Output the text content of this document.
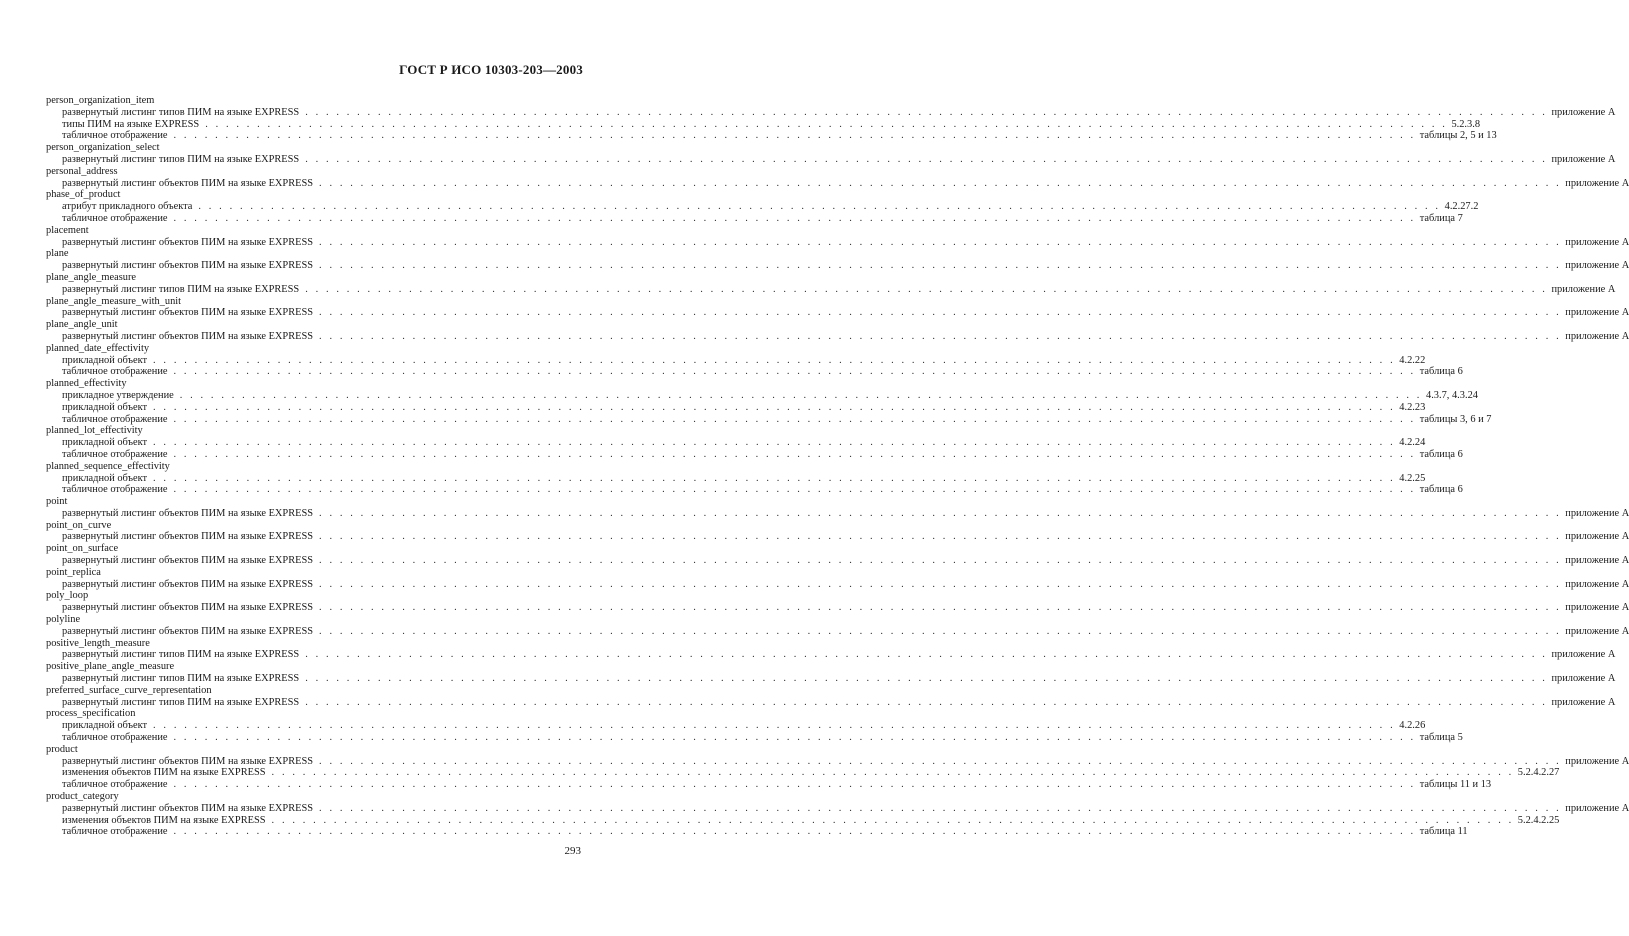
ГОСТ Р ИСО 10303-203—2003
person_organization_item
развернутый листинг типов ПИМ на языке EXPRESS . . . . . . . . . . . . . . . . . . . . . . . . . . . . . . . . . . . . . . . . . . . . . . . . . . . . . . . . . . . . . . . . . . . . . . . . . . . . . . . . . . . . . . . . . . . . . . . . . . . . . . . . . . . . . . . . . . . . . . . . приложение А
типы ПИМ на языке EXPRESS . . . . . . . . . . . . . . . . . . . . . . . . . . . . . . . . . . . . . . . . . . . . . . . . . . . . . . . . . . . . . . . . . . . . . . . . . . . . . . . . . . . . . . . . . . . . . . . . . . . . . . . . . . . . . . . . . . . . . . . . 5.2.3.8
табличное отображение . . . . . . . . . . . . . . . . . . . . . . . . . . . . . . . . . . . . . . . . . . . . . . . . . . . . . . . . . . . . . . . . . . . . . . . . . . . . . . . . . . . . . . . . . . . . . . . . . . . . . . . . . . . . . . . . . . . . . . . . таблицы 2, 5 и 13
person_organization_select
развернутый листинг типов ПИМ на языке EXPRESS . . . . . . . . . . . . . . . . . . . . . . . . . . . . . . . . . . . . . . . . . . . . . . . . . . . . . . . . . . . . . . . . . . . . . . . . . . . . . . . . . . . . . . . . . . . . . . . . . . . . . . . . . . . . . . . . . . . . . . . . приложение А
personal_address
развернутый листинг объектов ПИМ на языке EXPRESS . . . . . . . . . . . . . . . . . . . . . . . . . . . . . . . . . . . . . . . . . . . . . . . . . . . . . . . . . . . . . . . . . . . . . . . . . . . . . . . . . . . . . . . . . . . . . . . . . . . . . . . . . . . . . . . . . . . . . . . . приложение А
phase_of_product
атрибут прикладного объекта . . . . . . . . . . . . . . . . . . . . . . . . . . . . . . . . . . . . . . . . . . . . . . . . . . . . . . . . . . . . . . . . . . . . . . . . . . . . . . . . . . . . . . . . . . . . . . . . . . . . . . . . . . . . . . . . . . . . . . . . 4.2.27.2
табличное отображение . . . . . . . . . . . . . . . . . . . . . . . . . . . . . . . . . . . . . . . . . . . . . . . . . . . . . . . . . . . . . . . . . . . . . . . . . . . . . . . . . . . . . . . . . . . . . . . . . . . . . . . . . . . . . . . . . . . . . . . . таблица 7
placement
развернутый листинг объектов ПИМ на языке EXPRESS . . . . . . . . . . . . . . . . . . . . . . . . . . . . . . . . . . . . . . . . . . . . . . . . . . . . . . . . . . . . . . . . . . . . . . . . . . . . . . . . . . . . . . . . . . . . . . . . . . . . . . . . . . . . . . . . . . . . . . . . приложение А
plane
развернутый листинг объектов ПИМ на языке EXPRESS . . . . . . . . . . . . . . . . . . . . . . . . . . . . . . . . . . . . . . . . . . . . . . . . . . . . . . . . . . . . . . . . . . . . . . . . . . . . . . . . . . . . . . . . . . . . . . . . . . . . . . . . . . . . . . . . . . . . . . . . приложение А
plane_angle_measure
развернутый листинг типов ПИМ на языке EXPRESS . . . . . . . . . . . . . . . . . . . . . . . . . . . . . . . . . . . . . . . . . . . . . . . . . . . . . . . . . . . . . . . . . . . . . . . . . . . . . . . . . . . . . . . . . . . . . . . . . . . . . . . . . . . . . . . . . . . . . . . . приложение А
plane_angle_measure_with_unit
развернутый листинг объектов ПИМ на языке EXPRESS . . . . . . . . . . . . . . . . . . . . . . . . . . . . . . . . . . . . . . . . . . . . . . . . . . . . . . . . . . . . . . . . . . . . . . . . . . . . . . . . . . . . . . . . . . . . . . . . . . . . . . . . . . . . . . . . . . . . . . . . приложение А
plane_angle_unit
развернутый листинг объектов ПИМ на языке EXPRESS . . . . . . . . . . . . . . . . . . . . . . . . . . . . . . . . . . . . . . . . . . . . . . . . . . . . . . . . . . . . . . . . . . . . . . . . . . . . . . . . . . . . . . . . . . . . . . . . . . . . . . . . . . . . . . . . . . . . . . . . приложение А
planned_date_effectivity
прикладной объект . . . . . . . . . . . . . . . . . . . . . . . . . . . . . . . . . . . . . . . . . . . . . . . . . . . . . . . . . . . . . . . . . . . . . . . . . . . . . . . . . . . . . . . . . . . . . . . . . . . . . . . . . . . . . . . . . . . . . . . . 4.2.22
табличное отображение . . . . . . . . . . . . . . . . . . . . . . . . . . . . . . . . . . . . . . . . . . . . . . . . . . . . . . . . . . . . . . . . . . . . . . . . . . . . . . . . . . . . . . . . . . . . . . . . . . . . . . . . . . . . . . . . . . . . . . . . таблица 6
planned_effectivity
прикладное утверждение . . . . . . . . . . . . . . . . . . . . . . . . . . . . . . . . . . . . . . . . . . . . . . . . . . . . . . . . . . . . . . . . . . . . . . . . . . . . . . . . . . . . . . . . . . . . . . . . . . . . . . . . . . . . . . . . . . . . . . . . 4.3.7, 4.3.24
прикладной объект . . . . . . . . . . . . . . . . . . . . . . . . . . . . . . . . . . . . . . . . . . . . . . . . . . . . . . . . . . . . . . . . . . . . . . . . . . . . . . . . . . . . . . . . . . . . . . . . . . . . . . . . . . . . . . . . . . . . . . . . 4.2.23
табличное отображение . . . . . . . . . . . . . . . . . . . . . . . . . . . . . . . . . . . . . . . . . . . . . . . . . . . . . . . . . . . . . . . . . . . . . . . . . . . . . . . . . . . . . . . . . . . . . . . . . . . . . . . . . . . . . . . . . . . . . . . . таблицы 3, 6 и 7
planned_lot_effectivity
прикладной объект . . . . . . . . . . . . . . . . . . . . . . . . . . . . . . . . . . . . . . . . . . . . . . . . . . . . . . . . . . . . . . . . . . . . . . . . . . . . . . . . . . . . . . . . . . . . . . . . . . . . . . . . . . . . . . . . . . . . . . . . 4.2.24
табличное отображение . . . . . . . . . . . . . . . . . . . . . . . . . . . . . . . . . . . . . . . . . . . . . . . . . . . . . . . . . . . . . . . . . . . . . . . . . . . . . . . . . . . . . . . . . . . . . . . . . . . . . . . . . . . . . . . . . . . . . . . . таблица 6
planned_sequence_effectivity
прикладной объект . . . . . . . . . . . . . . . . . . . . . . . . . . . . . . . . . . . . . . . . . . . . . . . . . . . . . . . . . . . . . . . . . . . . . . . . . . . . . . . . . . . . . . . . . . . . . . . . . . . . . . . . . . . . . . . . . . . . . . . . 4.2.25
табличное отображение . . . . . . . . . . . . . . . . . . . . . . . . . . . . . . . . . . . . . . . . . . . . . . . . . . . . . . . . . . . . . . . . . . . . . . . . . . . . . . . . . . . . . . . . . . . . . . . . . . . . . . . . . . . . . . . . . . . . . . . . таблица 6
point
развернутый листинг объектов ПИМ на языке EXPRESS . . . . . . . . . . . . . . . . . . . . . . . . . . . . . . . . . . . . . . . . . . . . . . . . . . . . . . . . . . . . . . . . . . . . . . . . . . . . . . . . . . . . . . . . . . . . . . . . . . . . . . . . . . . . . . . . . . . . . . . . приложение А
point_on_curve
развернутый листинг объектов ПИМ на языке EXPRESS . . . . . . . . . . . . . . . . . . . . . . . . . . . . . . . . . . . . . . . . . . . . . . . . . . . . . . . . . . . . . . . . . . . . . . . . . . . . . . . . . . . . . . . . . . . . . . . . . . . . . . . . . . . . . . . . . . . . . . . . приложение А
point_on_surface
развернутый листинг объектов ПИМ на языке EXPRESS . . . . . . . . . . . . . . . . . . . . . . . . . . . . . . . . . . . . . . . . . . . . . . . . . . . . . . . . . . . . . . . . . . . . . . . . . . . . . . . . . . . . . . . . . . . . . . . . . . . . . . . . . . . . . . . . . . . . . . . . приложение А
point_replica
развернутый листинг объектов ПИМ на языке EXPRESS . . . . . . . . . . . . . . . . . . . . . . . . . . . . . . . . . . . . . . . . . . . . . . . . . . . . . . . . . . . . . . . . . . . . . . . . . . . . . . . . . . . . . . . . . . . . . . . . . . . . . . . . . . . . . . . . . . . . . . . . приложение А
poly_loop
развернутый листинг объектов ПИМ на языке EXPRESS . . . . . . . . . . . . . . . . . . . . . . . . . . . . . . . . . . . . . . . . . . . . . . . . . . . . . . . . . . . . . . . . . . . . . . . . . . . . . . . . . . . . . . . . . . . . . . . . . . . . . . . . . . . . . . . . . . . . . . . . приложение А
polyline
развернутый листинг объектов ПИМ на языке EXPRESS . . . . . . . . . . . . . . . . . . . . . . . . . . . . . . . . . . . . . . . . . . . . . . . . . . . . . . . . . . . . . . . . . . . . . . . . . . . . . . . . . . . . . . . . . . . . . . . . . . . . . . . . . . . . . . . . . . . . . . . . приложение А
positive_length_measure
развернутый листинг типов ПИМ на языке EXPRESS . . . . . . . . . . . . . . . . . . . . . . . . . . . . . . . . . . . . . . . . . . . . . . . . . . . . . . . . . . . . . . . . . . . . . . . . . . . . . . . . . . . . . . . . . . . . . . . . . . . . . . . . . . . . . . . . . . . . . . . . приложение А
positive_plane_angle_measure
развернутый листинг типов ПИМ на языке EXPRESS . . . . . . . . . . . . . . . . . . . . . . . . . . . . . . . . . . . . . . . . . . . . . . . . . . . . . . . . . . . . . . . . . . . . . . . . . . . . . . . . . . . . . . . . . . . . . . . . . . . . . . . . . . . . . . . . . . . . . . . . приложение А
preferred_surface_curve_representation
развернутый листинг типов ПИМ на языке EXPRESS . . . . . . . . . . . . . . . . . . . . . . . . . . . . . . . . . . . . . . . . . . . . . . . . . . . . . . . . . . . . . . . . . . . . . . . . . . . . . . . . . . . . . . . . . . . . . . . . . . . . . . . . . . . . . . . . . . . . . . . . приложение А
process_specification
прикладной объект . . . . . . . . . . . . . . . . . . . . . . . . . . . . . . . . . . . . . . . . . . . . . . . . . . . . . . . . . . . . . . . . . . . . . . . . . . . . . . . . . . . . . . . . . . . . . . . . . . . . . . . . . . . . . . . . . . . . . . . . 4.2.26
табличное отображение . . . . . . . . . . . . . . . . . . . . . . . . . . . . . . . . . . . . . . . . . . . . . . . . . . . . . . . . . . . . . . . . . . . . . . . . . . . . . . . . . . . . . . . . . . . . . . . . . . . . . . . . . . . . . . . . . . . . . . . . таблица 5
product
развернутый листинг объектов ПИМ на языке EXPRESS . . . . . . . . . . . . . . . . . . . . . . . . . . . . . . . . . . . . . . . . . . . . . . . . . . . . . . . . . . . . . . . . . . . . . . . . . . . . . . . . . . . . . . . . . . . . . . . . . . . . . . . . . . . . . . . . . . . . . . . . приложение А
изменения объектов ПИМ на языке EXPRESS . . . . . . . . . . . . . . . . . . . . . . . . . . . . . . . . . . . . . . . . . . . . . . . . . . . . . . . . . . . . . . . . . . . . . . . . . . . . . . . . . . . . . . . . . . . . . . . . . . . . . . . . . . . . . . . . . . . . . . . . 5.2.4.2.27
табличное отображение . . . . . . . . . . . . . . . . . . . . . . . . . . . . . . . . . . . . . . . . . . . . . . . . . . . . . . . . . . . . . . . . . . . . . . . . . . . . . . . . . . . . . . . . . . . . . . . . . . . . . . . . . . . . . . . . . . . . . . . . таблицы 11 и 13
product_category
развернутый листинг объектов ПИМ на языке EXPRESS . . . . . . . . . . . . . . . . . . . . . . . . . . . . . . . . . . . . . . . . . . . . . . . . . . . . . . . . . . . . . . . . . . . . . . . . . . . . . . . . . . . . . . . . . . . . . . . . . . . . . . . . . . . . . . . . . . . . . . . . приложение А
изменения объектов ПИМ на языке EXPRESS . . . . . . . . . . . . . . . . . . . . . . . . . . . . . . . . . . . . . . . . . . . . . . . . . . . . . . . . . . . . . . . . . . . . . . . . . . . . . . . . . . . . . . . . . . . . . . . . . . . . . . . . . . . . . . . . . . . . . . . . 5.2.4.2.25
табличное отображение . . . . . . . . . . . . . . . . . . . . . . . . . . . . . . . . . . . . . . . . . . . . . . . . . . . . . . . . . . . . . . . . . . . . . . . . . . . . . . . . . . . . . . . . . . . . . . . . . . . . . . . . . . . . . . . . . . . . . . . . таблица 11
293
